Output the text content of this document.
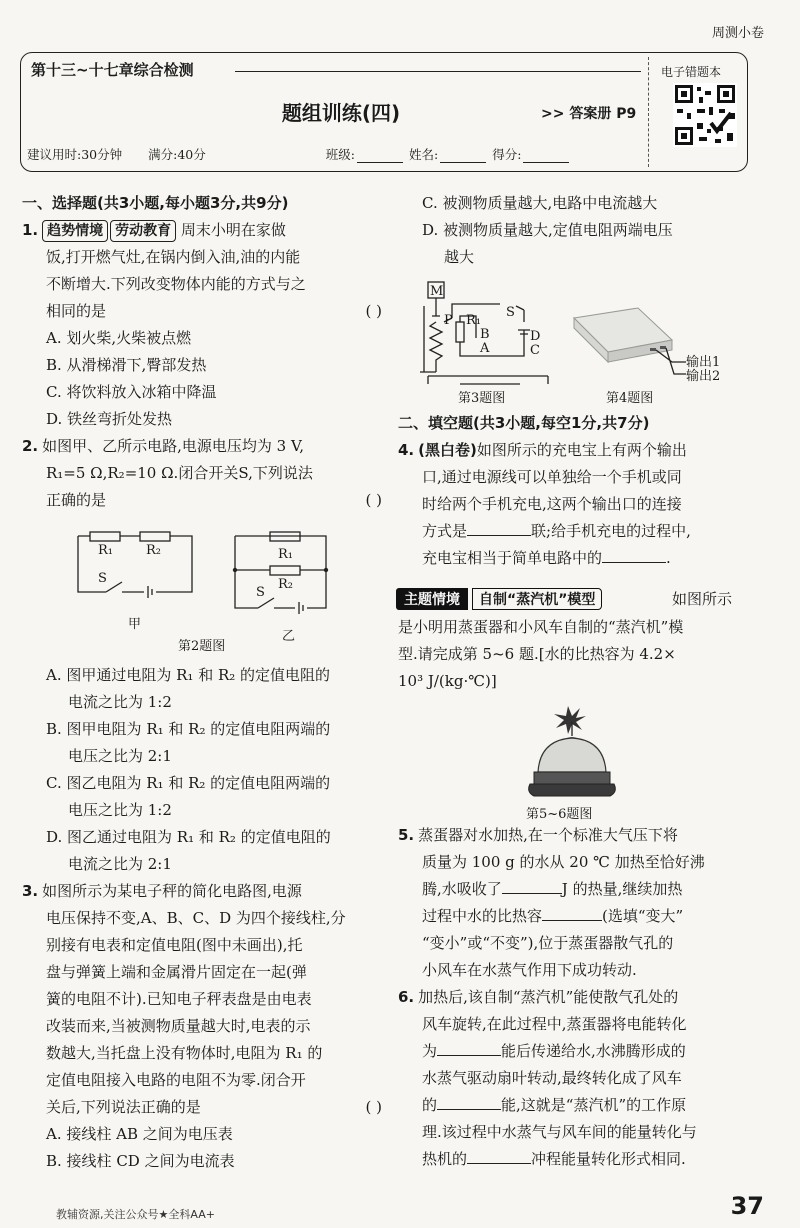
周测小卷
第十三~十七章综合检测
题组训练(四)	>> 答案册 P9
电子错题本
建议用时:30分钟 满分:40分	班级:	姓名:	得分:
一、选择题(共3小题,每小题3分,共9分)
1. 趋势情境 劳动教育 周末小明在家做
饭,打开燃气灶,在锅内倒入油,油的内能
不断增大.下列改变物体内能的方式与之
相同的是	( )
A. 划火柴,火柴被点燃
B. 从滑梯滑下,臀部发热
C. 将饮料放入冰箱中降温
D. 铁丝弯折处发热
2. 如图甲、乙所示电路,电源电压均为 3 V,
R₁=5 Ω,R₂=10 Ω.闭合开关S,下列说法
正确的是	( )
R₁	R₂
S
R₁
R₂
S
甲
乙
第2题图
A. 图甲通过电阻为 R₁ 和 R₂ 的定值电阻的
电流之比为 1:2
B. 图甲电阻为 R₁ 和 R₂ 的定值电阻两端的
电压之比为 2:1
C. 图乙电阻为 R₁ 和 R₂ 的定值电阻两端的
电压之比为 1:2
D. 图乙通过电阻为 R₁ 和 R₂ 的定值电阻的
电流之比为 2:1
3. 如图所示为某电子秤的简化电路图,电源
电压保持不变,A、B、C、D 为四个接线柱,分
别接有电表和定值电阻(图中未画出),托
盘与弹簧上端和金属滑片固定在一起(弹
簧的电阻不计).已知电子秤表盘是由电表
改装而来,当被测物质量越大时,电表的示
数越大,当托盘上没有物体时,电阻为 R₁ 的
定值电阻接入电路的电阻不为零.闭合开
关后,下列说法正确的是	( )
A. 接线柱 AB 之间为电压表
B. 接线柱 CD 之间为电流表
C. 被测物质量越大,电路中电流越大
D. 被测物质量越大,定值电阻两端电压
越大
M
P R₁
B
A
S
D
C
第3题图
输出1
输出2
第4题图
二、填空题(共3小题,每空1分,共7分)
4. (黑白卷)如图所示的充电宝上有两个输出
口,通过电源线可以单独给一个手机或同
时给两个手机充电,这两个输出口的连接
方式是	联;给手机充电的过程中,
充电宝相当于简单电路中的	.
主题情境	自制“蒸汽机”模型	如图所示
是小明用蒸蛋器和小风车自制的“蒸汽机”模
型.请完成第 5~6 题.[水的比热容为 4.2×
10³ J/(kg·℃)]
第5~6题图
5. 蒸蛋器对水加热,在一个标准大气压下将
质量为 100 g 的水从 20 ℃ 加热至恰好沸
腾,水吸收了	J 的热量,继续加热
过程中水的比热容	(选填“变大”
“变小”或“不变”),位于蒸蛋器散气孔的
小风车在水蒸气作用下成功转动.
6. 加热后,该自制“蒸汽机”能使散气孔处的
风车旋转,在此过程中,蒸蛋器将电能转化
为	能后传递给水,水沸腾形成的
水蒸气驱动扇叶转动,最终转化成了风车
的	能,这就是“蒸汽机”的工作原
理.该过程中水蒸气与风车间的能量转化与
热机的	冲程能量转化形式相同.
教辅资源,关注公众号★全科AA+	37
